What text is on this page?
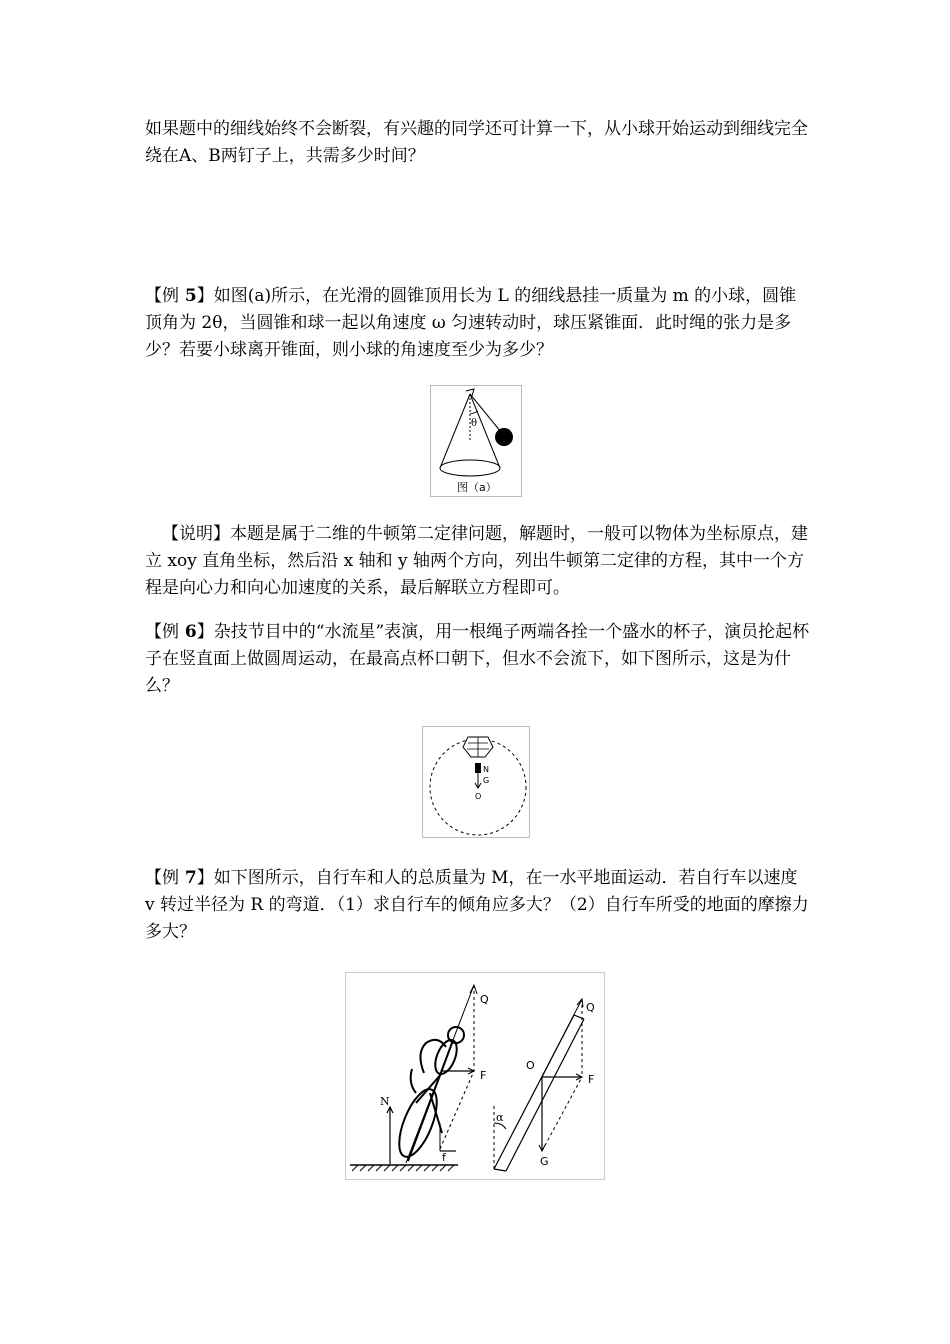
如果题中的细线始终不会断裂，有兴趣的同学还可计算一下，从小球开始运动到细线完全绕在A、B两钉子上，共需多少时间？

【例 5】如图(a)所示，在光滑的圆锥顶用长为 L 的细线悬挂一质量为 m 的小球，圆锥顶角为 2θ，当圆锥和球一起以角速度 ω 匀速转动时，球压紧锥面．此时绳的张力是多少？若要小球离开锥面，则小球的角速度至少为多少？

θ
图（a）

【说明】本题是属于二维的牛顿第二定律问题，解题时，一般可以物体为坐标原点，建立 xoy 直角坐标，然后沿 x 轴和 y 轴两个方向，列出牛顿第二定律的方程，其中一个方程是向心力和向心加速度的关系，最后解联立方程即可。

【例 6】杂技节目中的“水流星”表演，用一根绳子两端各拴一个盛水的杯子，演员抡起杯子在竖直面上做圆周运动，在最高点杯口朝下，但水不会流下，如下图所示，这是为什么？

N
G
O

【例 7】如下图所示，自行车和人的总质量为 M，在一水平地面运动．若自行车以速度 v 转过半径为 R 的弯道．（1）求自行车的倾角应多大？（2）自行车所受的地面的摩擦力多大？

N
Q
F
f
α
O
Q
F
G
